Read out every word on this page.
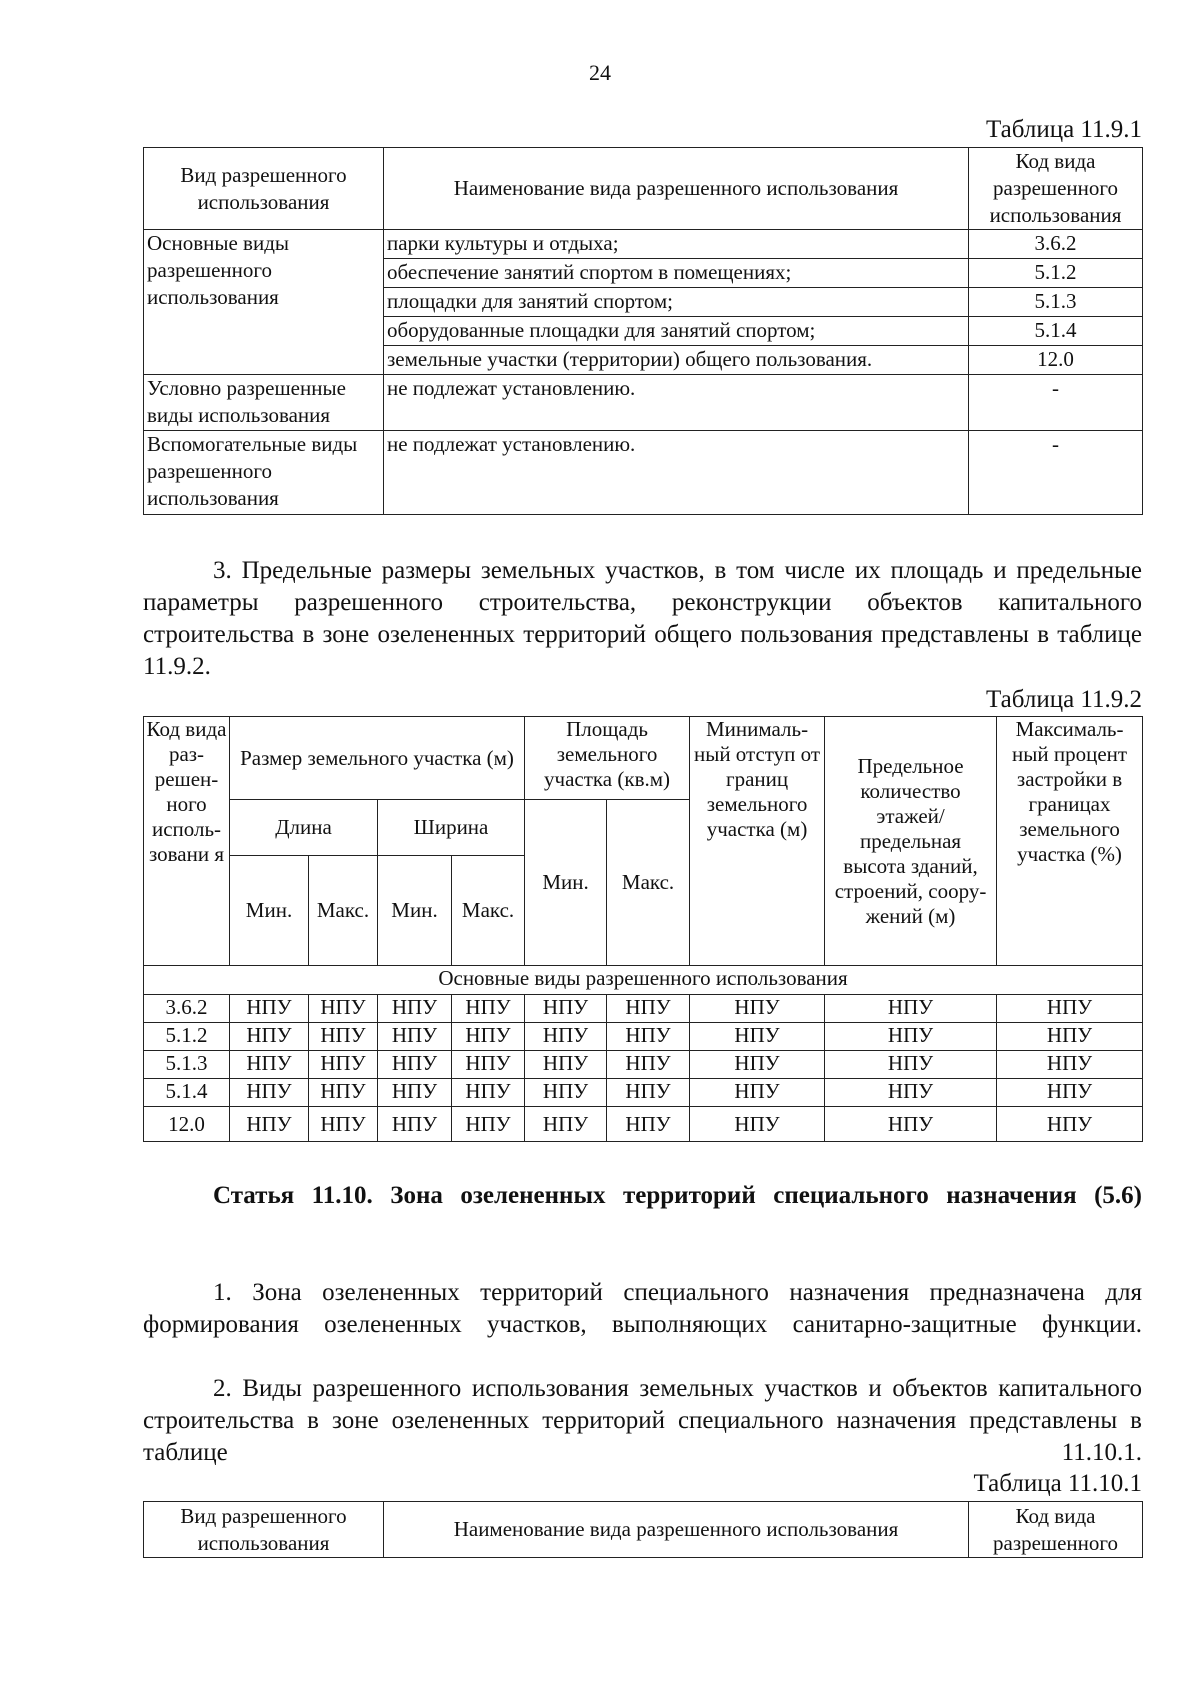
24
Таблица 11.9.1
Вид разрешенного использования	Наименование вида разрешенного использования	Код вида разрешенного использования
Основные виды разрешенного использования	парки культуры и отдыха;	3.6.2
	обеспечение занятий спортом в помещениях;	5.1.2
	площадки для занятий спортом;	5.1.3
	оборудованные площадки для занятий спортом;	5.1.4
	земельные участки (территории) общего пользования.	12.0
Условно разрешенные виды использования	не подлежат установлению.	-
Вспомогательные виды разрешенного использования	не подлежат установлению.	-

3. Предельные размеры земельных участков, в том числе их площадь и предельные параметры разрешенного строительства, реконструкции объектов капитального строительства в зоне озелененных территорий общего пользования представлены в таблице 11.9.2.

Таблица 11.9.2
Код вида раз-решен-ного исполь-зовани я	Размер земельного участка (м)				Площадь земельного участка (кв.м)		Минималь-ный отступ от границ земельного участка (м)	Предельное количество этажей/ предельная высота зданий, строений, соору-жений (м)	Максималь-ный процент застройки в границах земельного участка (%)
	Длина		Ширина		Мин.	Макс.			
	Мин.	Макс.	Мин.	Макс.					
Основные виды разрешенного использования									
3.6.2	НПУ	НПУ	НПУ	НПУ	НПУ	НПУ	НПУ	НПУ	НПУ
5.1.2	НПУ	НПУ	НПУ	НПУ	НПУ	НПУ	НПУ	НПУ	НПУ
5.1.3	НПУ	НПУ	НПУ	НПУ	НПУ	НПУ	НПУ	НПУ	НПУ
5.1.4	НПУ	НПУ	НПУ	НПУ	НПУ	НПУ	НПУ	НПУ	НПУ
12.0	НПУ	НПУ	НПУ	НПУ	НПУ	НПУ	НПУ	НПУ	НПУ

Статья 11.10. Зона озелененных территорий специального назначения (5.6)

1. Зона озелененных территорий специального назначения предназначена для формирования озелененных участков, выполняющих санитарно-защитные функции.

2. Виды разрешенного использования земельных участков и объектов капитального строительства в зоне озелененных территорий специального назначения представлены в таблице 11.10.1.

Таблица 11.10.1
Вид разрешенного использования	Наименование вида разрешенного использования	Код вида разрешенного
